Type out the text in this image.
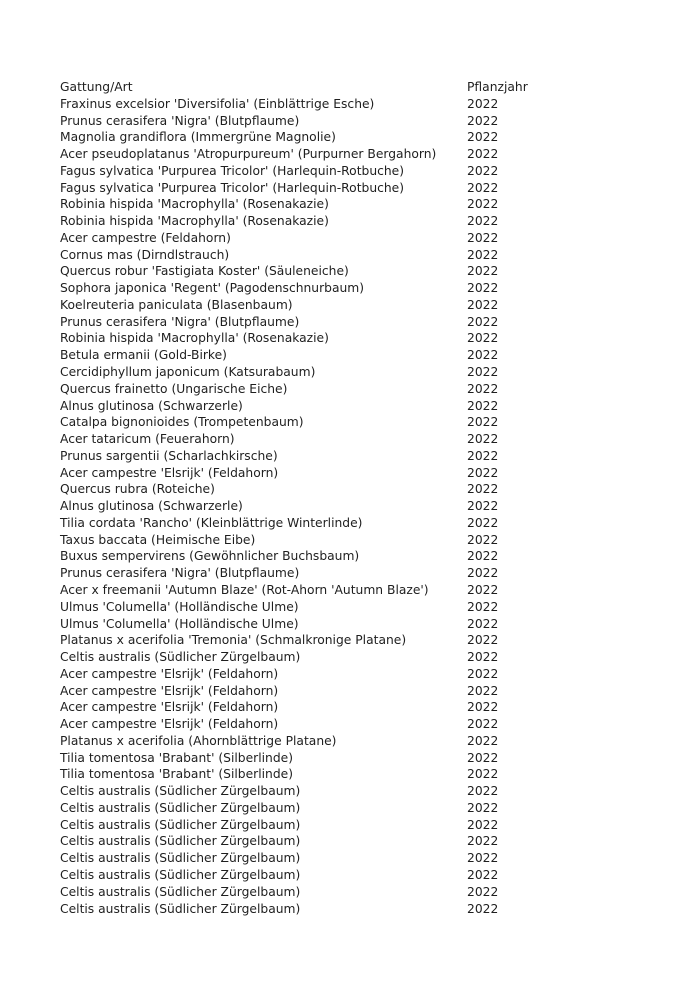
Gattung/Art	Pflanzjahr
Fraxinus excelsior 'Diversifolia' (Einblättrige Esche)	2022
Prunus cerasifera 'Nigra' (Blutpflaume)	2022
Magnolia grandiflora (Immergrüne Magnolie)	2022
Acer pseudoplatanus 'Atropurpureum' (Purpurner Bergahorn)	2022
Fagus sylvatica 'Purpurea Tricolor' (Harlequin-Rotbuche)	2022
Fagus sylvatica 'Purpurea Tricolor' (Harlequin-Rotbuche)	2022
Robinia hispida 'Macrophylla' (Rosenakazie)	2022
Robinia hispida 'Macrophylla' (Rosenakazie)	2022
Acer campestre (Feldahorn)	2022
Cornus mas (Dirndlstrauch)	2022
Quercus robur 'Fastigiata Koster' (Säuleneiche)	2022
Sophora japonica 'Regent' (Pagodenschnurbaum)	2022
Koelreuteria paniculata (Blasenbaum)	2022
Prunus cerasifera 'Nigra' (Blutpflaume)	2022
Robinia hispida 'Macrophylla' (Rosenakazie)	2022
Betula ermanii (Gold-Birke)	2022
Cercidiphyllum japonicum (Katsurabaum)	2022
Quercus frainetto (Ungarische Eiche)	2022
Alnus glutinosa (Schwarzerle)	2022
Catalpa bignonioides (Trompetenbaum)	2022
Acer tataricum (Feuerahorn)	2022
Prunus sargentii (Scharlachkirsche)	2022
Acer campestre 'Elsrijk' (Feldahorn)	2022
Quercus rubra (Roteiche)	2022
Alnus glutinosa (Schwarzerle)	2022
Tilia cordata 'Rancho' (Kleinblättrige Winterlinde)	2022
Taxus baccata (Heimische Eibe)	2022
Buxus sempervirens (Gewöhnlicher Buchsbaum)	2022
Prunus cerasifera 'Nigra' (Blutpflaume)	2022
Acer x freemanii 'Autumn Blaze' (Rot-Ahorn 'Autumn Blaze')	2022
Ulmus 'Columella' (Holländische Ulme)	2022
Ulmus 'Columella' (Holländische Ulme)	2022
Platanus x acerifolia 'Tremonia' (Schmalkronige Platane)	2022
Celtis australis (Südlicher Zürgelbaum)	2022
Acer campestre 'Elsrijk' (Feldahorn)	2022
Acer campestre 'Elsrijk' (Feldahorn)	2022
Acer campestre 'Elsrijk' (Feldahorn)	2022
Acer campestre 'Elsrijk' (Feldahorn)	2022
Platanus x acerifolia (Ahornblättrige Platane)	2022
Tilia tomentosa 'Brabant' (Silberlinde)	2022
Tilia tomentosa 'Brabant' (Silberlinde)	2022
Celtis australis (Südlicher Zürgelbaum)	2022
Celtis australis (Südlicher Zürgelbaum)	2022
Celtis australis (Südlicher Zürgelbaum)	2022
Celtis australis (Südlicher Zürgelbaum)	2022
Celtis australis (Südlicher Zürgelbaum)	2022
Celtis australis (Südlicher Zürgelbaum)	2022
Celtis australis (Südlicher Zürgelbaum)	2022
Celtis australis (Südlicher Zürgelbaum)	2022
